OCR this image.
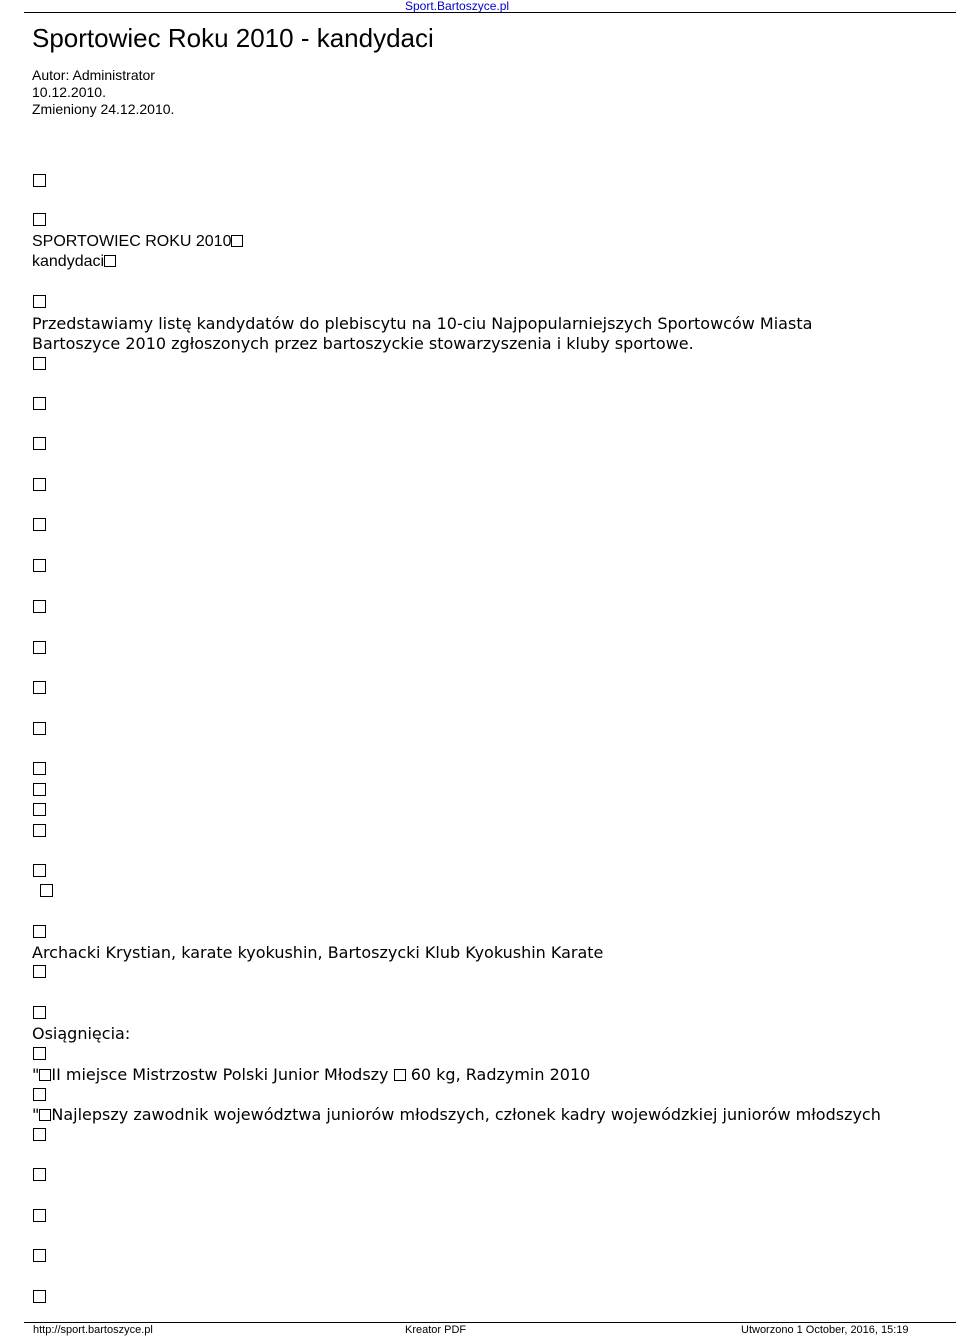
Sport.Bartoszyce.pl
Sportowiec Roku 2010 - kandydaci
Autor: Administrator
10.12.2010.
Zmieniony 24.12.2010.
SPORTOWIEC ROKU 2010
kandydaci
Przedstawiamy listę kandydatów do plebiscytu na 10-ciu Najpopularniejszych Sportowców Miasta
Bartoszyce 2010 zgłoszonych przez bartoszyckie stowarzyszenia i kluby sportowe.
Archacki Krystian, karate kyokushin, Bartoszycki Klub Kyokushin Karate
Osiągnięcia:
" II miejsce Mistrzostw Polski Junior Młodszy 60 kg, Radzymin 2010
" Najlepszy zawodnik województwa juniorów młodszych, członek kadry wojewódzkiej juniorów młodszych
http://sport.bartoszyce.pl	Kreator PDF	Utworzono 1 October, 2016, 15:19
